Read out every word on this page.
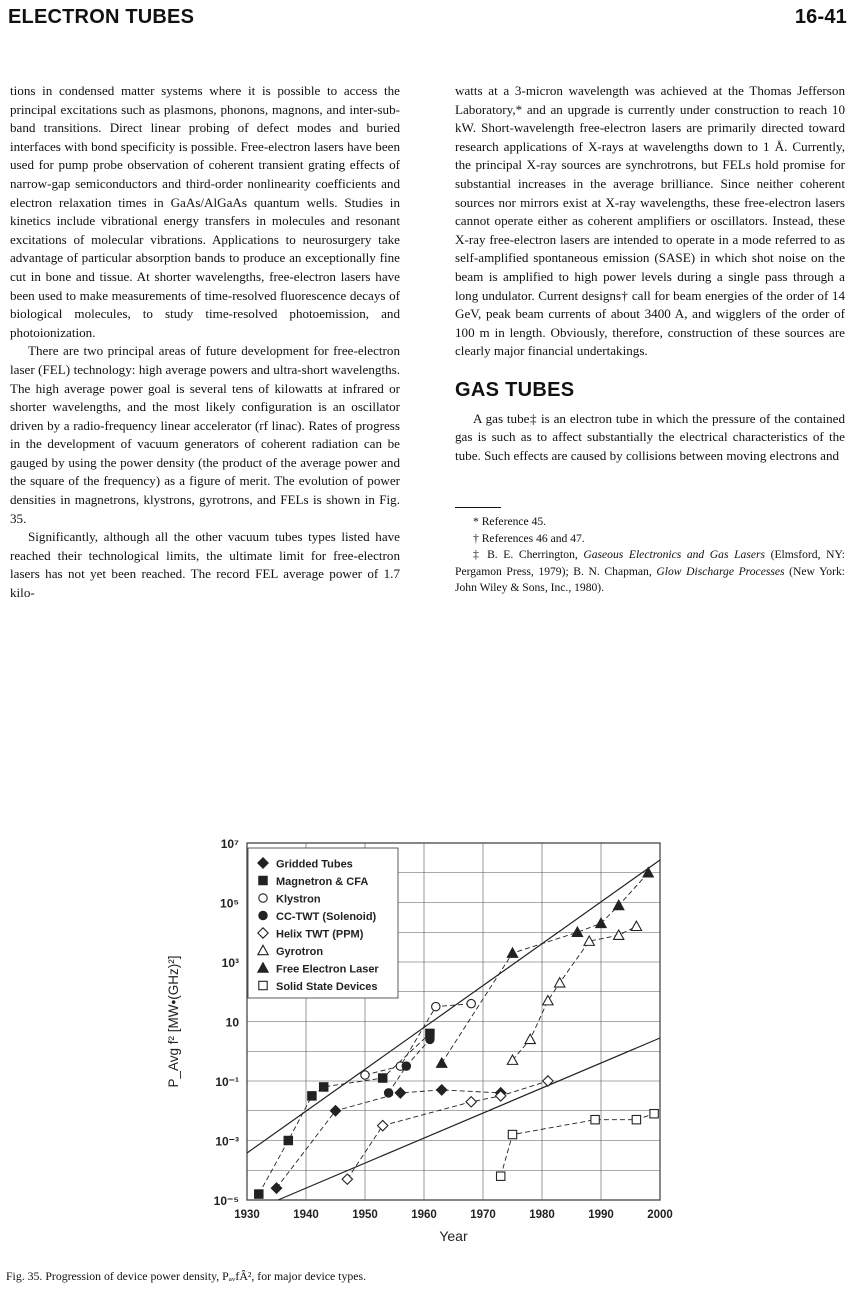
ELECTRON TUBES	16-41

tions in condensed matter systems where it is possible to access the principal excitations such as plasmons, phonons, magnons, and inter-sub-band transitions. Direct linear probing of defect modes and buried interfaces with bond specificity is possible. Free-electron lasers have been used for pump probe observation of coherent transient grating effects of narrow-gap semiconductors and third-order nonlinearity coefficients and electron relaxation times in GaAs/AlGaAs quantum wells. Studies in kinetics include vibrational energy transfers in molecules and resonant excitations of molecular vibrations. Applications to neurosurgery take advantage of particular absorption bands to produce an exceptionally fine cut in bone and tissue. At shorter wavelengths, free-electron lasers have been used to make measurements of time-resolved fluorescence decays of biological molecules, to study time-resolved photoemission, and photoionization.

There are two principal areas of future development for free-electron laser (FEL) technology: high average powers and ultra-short wavelengths. The high average power goal is several tens of kilowatts at infrared or shorter wavelengths, and the most likely configuration is an oscillator driven by a radio-frequency linear accelerator (rf linac). Rates of progress in the development of vacuum generators of coherent radiation can be gauged by using the power density (the product of the average power and the square of the frequency) as a figure of merit. The evolution of power densities in magnetrons, klystrons, gyrotrons, and FELs is shown in Fig. 35.

Significantly, although all the other vacuum tubes types listed have reached their technological limits, the ultimate limit for free-electron lasers has not yet been reached. The record FEL average power of 1.7 kilo-

watts at a 3-micron wavelength was achieved at the Thomas Jefferson Laboratory,* and an upgrade is currently under construction to reach 10 kW. Short-wavelength free-electron lasers are primarily directed toward research applications of X-rays at wavelengths down to 1 Å. Currently, the principal X-ray sources are synchrotrons, but FELs hold promise for substantial increases in the average brilliance. Since neither coherent sources nor mirrors exist at X-ray wavelengths, these free-electron lasers cannot operate either as coherent amplifiers or oscillators. Instead, these X-ray free-electron lasers are intended to operate in a mode referred to as self-amplified spontaneous emission (SASE) in which shot noise on the beam is amplified to high power levels during a single pass through a long undulator. Current designs† call for beam energies of the order of 14 GeV, peak beam currents of about 3400 A, and wigglers of the order of 100 m in length. Obviously, therefore, construction of these sources are clearly major financial undertakings.

GAS TUBES

A gas tube‡ is an electron tube in which the pressure of the contained gas is such as to affect substantially the electrical characteristics of the tube. Such effects are caused by collisions between moving electrons and

* Reference 45.

† References 46 and 47.

‡ B. E. Cherrington, Gaseous Electronics and Gas Lasers (Elmsford, NY: Pergamon Press, 1979); B. N. Chapman, Glow Discharge Processes (New York: John Wiley & Sons, Inc., 1980).

Gridded Tubes
Magnetron & CFA
Klystron
CC-TWT (Solenoid)
Helix TWT (PPM)
Gyrotron
Free Electron Laser
Solid State Devices
1930	1940	1950	1960	1970	1980	1990	2000
10⁷
10⁵
10³
10
10⁻¹
10⁻³
10⁻⁵
Year
P_Avg f² [MW•(GHz)²]
Fig. 35. Progression of device power density, PₐᵥfÂ², for major device types.
